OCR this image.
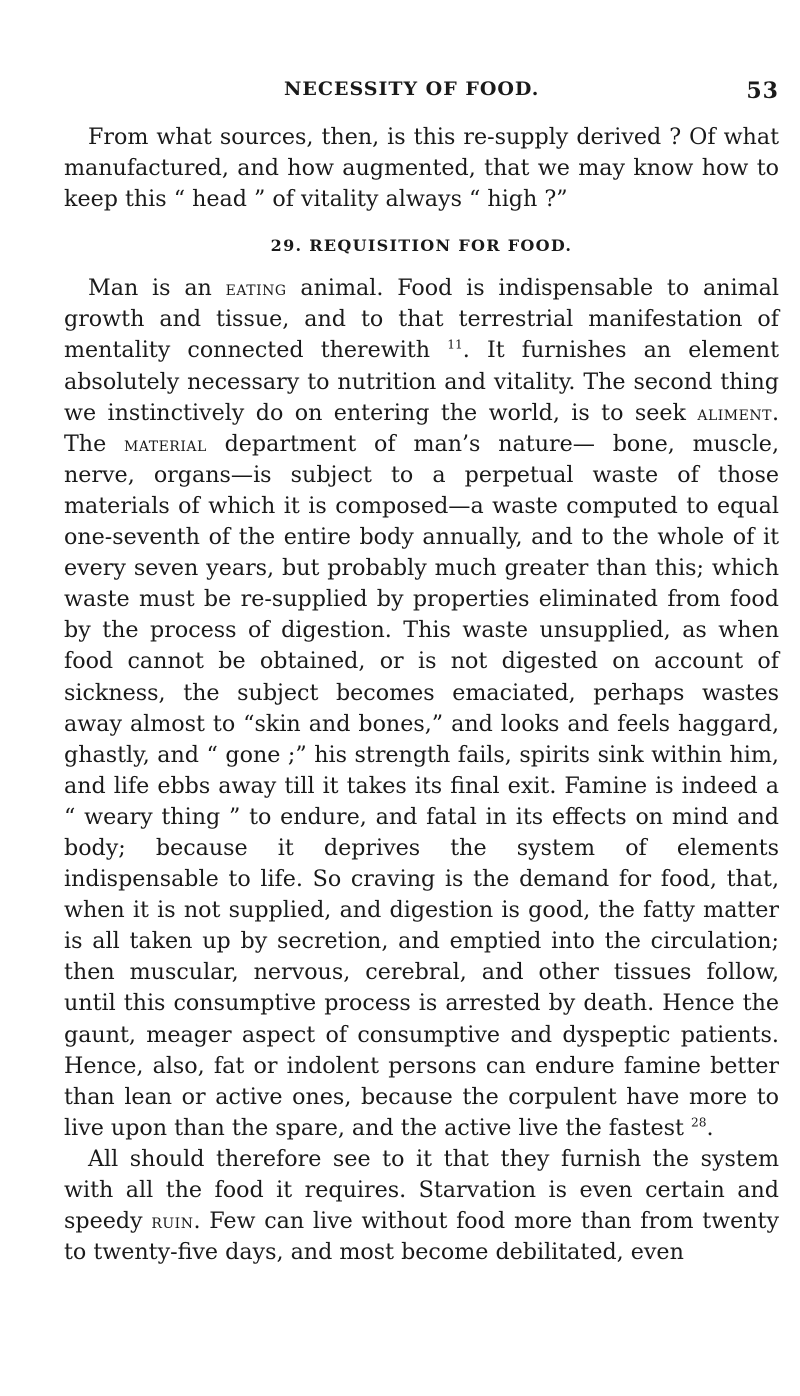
NECESSITY OF FOOD.	53

From what sources, then, is this re-supply derived ? Of what manufactured, and how augmented, that we may know how to keep this “ head ” of vitality always “ high ?”

29. REQUISITION FOR FOOD.

Man is an eating animal. Food is indispensable to animal growth and tissue, and to that terrestrial manifestation of mentality connected therewith $^{11}$. It furnishes an element absolutely necessary to nutrition and vitality. The second thing we instinctively do on entering the world, is to seek aliment. The material department of man’s nature— bone, muscle, nerve, organs—is subject to a perpetual waste of those materials of which it is composed—a waste computed to equal one-seventh of the entire body annually, and to the whole of it every seven years, but probably much greater than this; which waste must be re-supplied by properties eliminated from food by the process of digestion. This waste unsupplied, as when food cannot be obtained, or is not digested on account of sickness, the subject becomes emaciated, perhaps wastes away almost to “skin and bones,” and looks and feels haggard, ghastly, and “ gone ;” his strength fails, spirits sink within him, and life ebbs away till it takes its final exit. Famine is indeed a “ weary thing ” to endure, and fatal in its effects on mind and body; because it deprives the system of elements indispensable to life. So craving is the demand for food, that, when it is not supplied, and digestion is good, the fatty matter is all taken up by secretion, and emptied into the circulation; then muscular, nervous, cerebral, and other tissues follow, until this consumptive process is arrested by death. Hence the gaunt, meager aspect of consumptive and dyspeptic patients. Hence, also, fat or indolent persons can endure famine better than lean or active ones, because the corpulent have more to live upon than the spare, and the active live the fastest $^{28}$.

All should therefore see to it that they furnish the system with all the food it requires. Starvation is even certain and speedy ruin. Few can live without food more than from twenty to twenty-five days, and most become debilitated, even
